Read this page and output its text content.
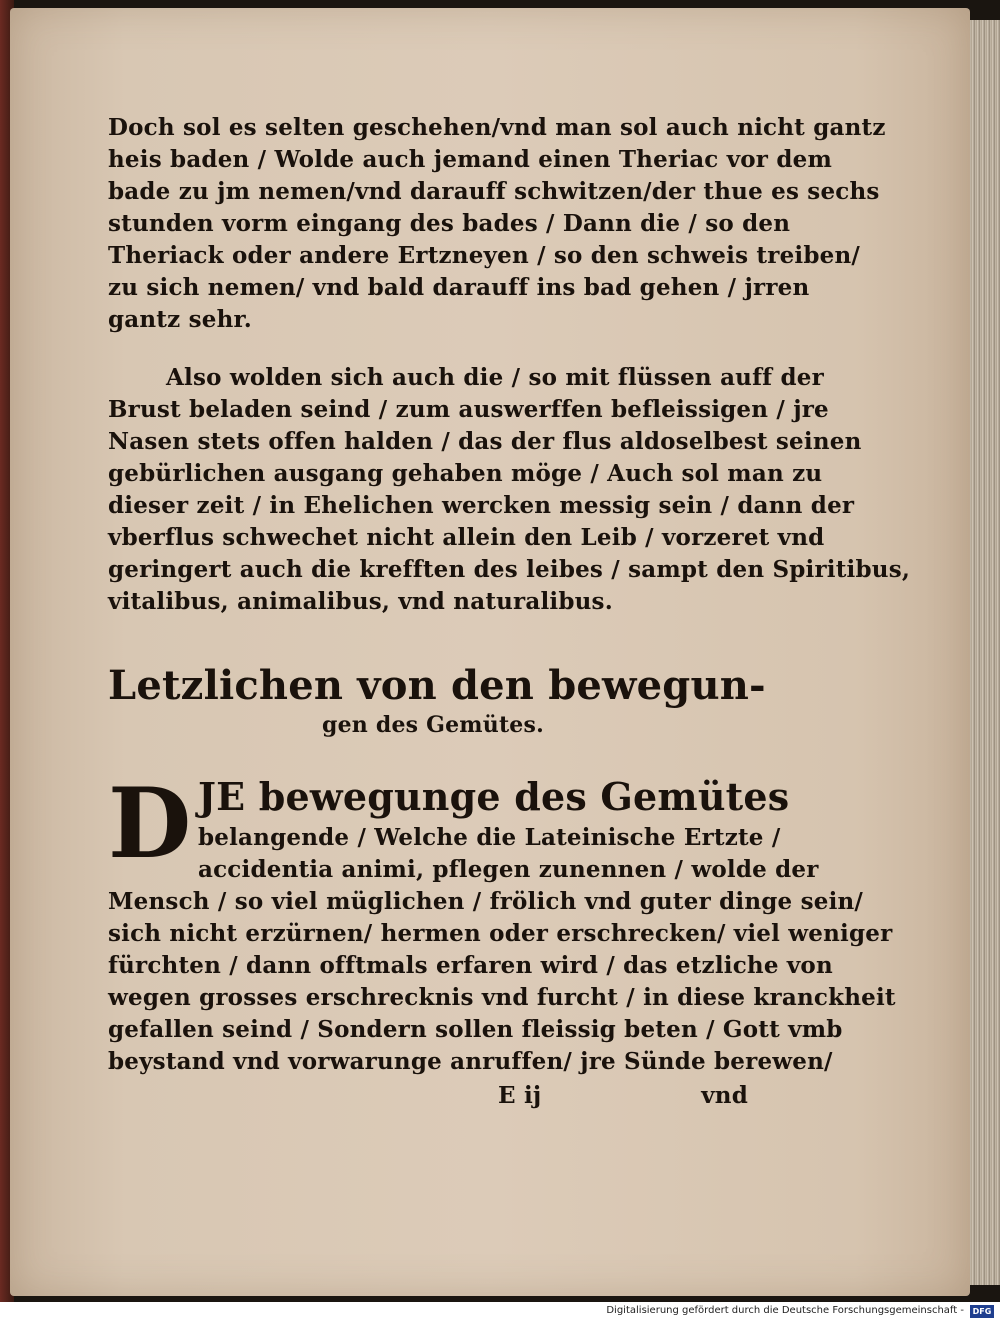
Doch sol es selten geschehen/vnd man sol auch nicht gantz
heis baden / Wolde auch jemand einen Theriac vor dem
bade zu jm nemen/vnd darauff schwitzen/der thue es sechs
stunden vorm eingang des bades / Dann die / so den
Theriack oder andere Ertzneyen / so den schweis treiben/
zu sich nemen/ vnd bald darauff ins bad gehen / jrren
gantz sehr.
Also wolden sich auch die / so mit flüssen auff der
Brust beladen seind / zum auswerffen befleissigen / jre
Nasen stets offen halden / das der flus aldoselbest seinen
gebürlichen ausgang gehaben möge / Auch sol man zu
dieser zeit / in Ehelichen wercken messig sein / dann der
vberflus schwechet nicht allein den Leib / vorzeret vnd
geringert auch die krefften des leibes / sampt den Spiritibus,
vitalibus, animalibus, vnd naturalibus.
Letzlichen von den bewegun-
gen des Gemütes.
D JE bewegunge des Gemütes
belangende / Welche die Lateinische Ertzte /
accidentia animi, pflegen zunennen / wolde der
Mensch / so viel müglichen / frölich vnd guter dinge sein/
sich nicht erzürnen/ hermen oder erschrecken/ viel weniger
fürchten / dann offtmals erfaren wird / das etzliche von
wegen grosses erschrecknis vnd furcht / in diese kranckheit
gefallen seind / Sondern sollen fleissig beten / Gott vmb
beystand vnd vorwarunge anruffen/ jre Sünde berewen/
E ij	vnd
Digitalisierung gefördert durch die Deutsche Forschungsgemeinschaft -	DFG
